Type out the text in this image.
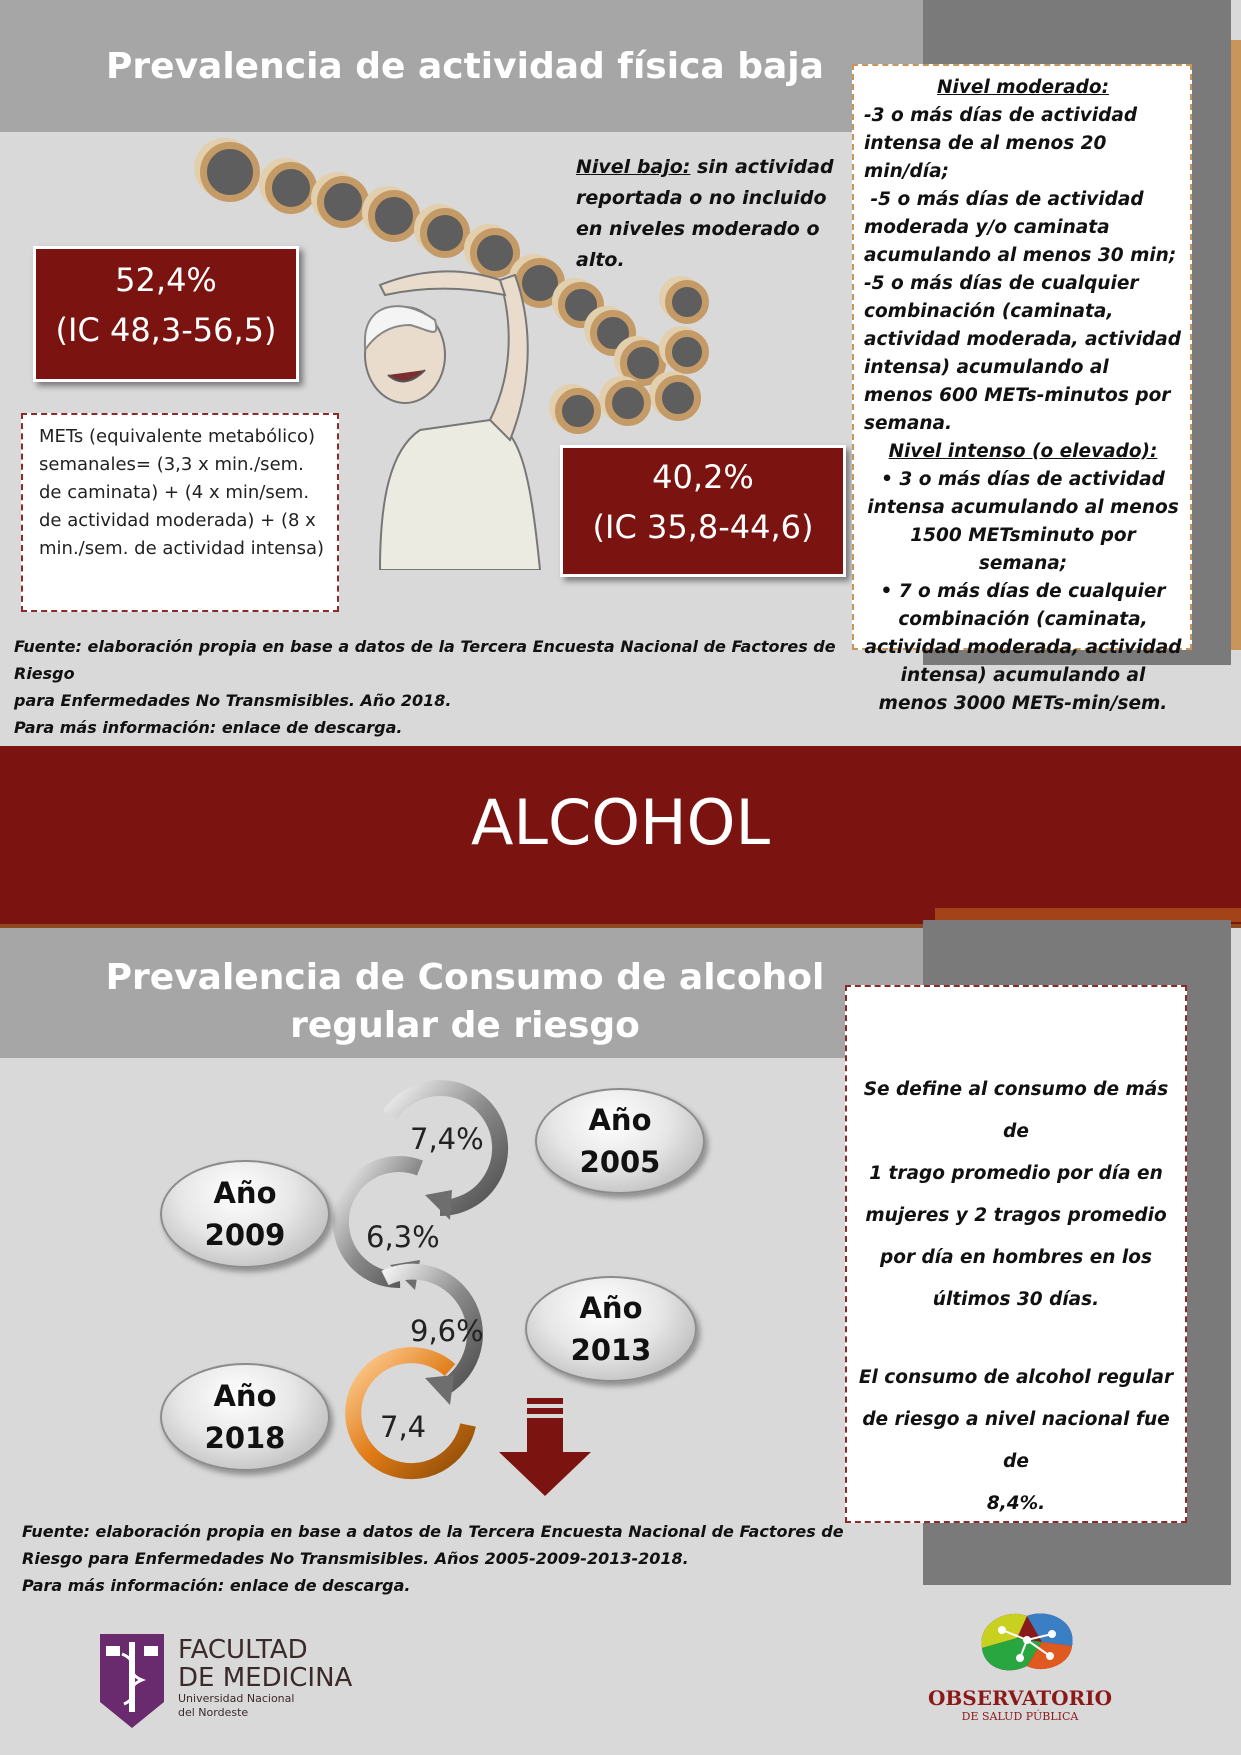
Prevalencia de actividad física baja
52,4%
(IC 48,3-56,5)
40,2%
(IC 35,8-44,6)
Nivel bajo: sin actividad reportada o no incluido en niveles moderado o alto.
METs (equivalente metabólico) semanales= (3,3 x min./sem. de caminata) + (4 x min/sem. de actividad moderada) + (8 x min./sem. de actividad intensa)
Nivel moderado:
-3 o más días de actividad intensa de al menos 20 min/día;
-5 o más días de actividad moderada y/o caminata acumulando al menos 30 min;
-5 o más días de cualquier combinación (caminata, actividad moderada, actividad intensa) acumulando al menos 600 METs-minutos por semana.
Nivel intenso (o elevado):
• 3 o más días de actividad intensa acumulando al menos 1500 METsminuto por semana;
• 7 o más días de cualquier combinación (caminata, actividad moderada, actividad intensa) acumulando al menos 3000 METs-min/sem.
Fuente: elaboración propia en base a datos de la Tercera Encuesta Nacional de Factores de Riesgo
para Enfermedades No Transmisibles. Año 2018.
Para más información: enlace de descarga.
ALCOHOL
Prevalencia de Consumo de alcohol
regular de riesgo
7,4%
6,3%
9,6%
7,4
Año
2005
Año
2009
Año
2013
Año
2018
Se define al consumo de más de
1 trago promedio por día en
mujeres y 2 tragos promedio
por día en hombres en los
últimos 30 días.
El consumo de alcohol regular
de riesgo a nivel nacional fue de
8,4%.
Fuente: elaboración propia en base a datos de la Tercera Encuesta Nacional de Factores de
Riesgo para Enfermedades No Transmisibles. Años 2005-2009-2013-2018.
Para más información: enlace de descarga.
FACULTAD
DE MEDICINA
Universidad Nacional
del Nordeste
OBSERVATORIO
DE SALUD PÚBLICA
